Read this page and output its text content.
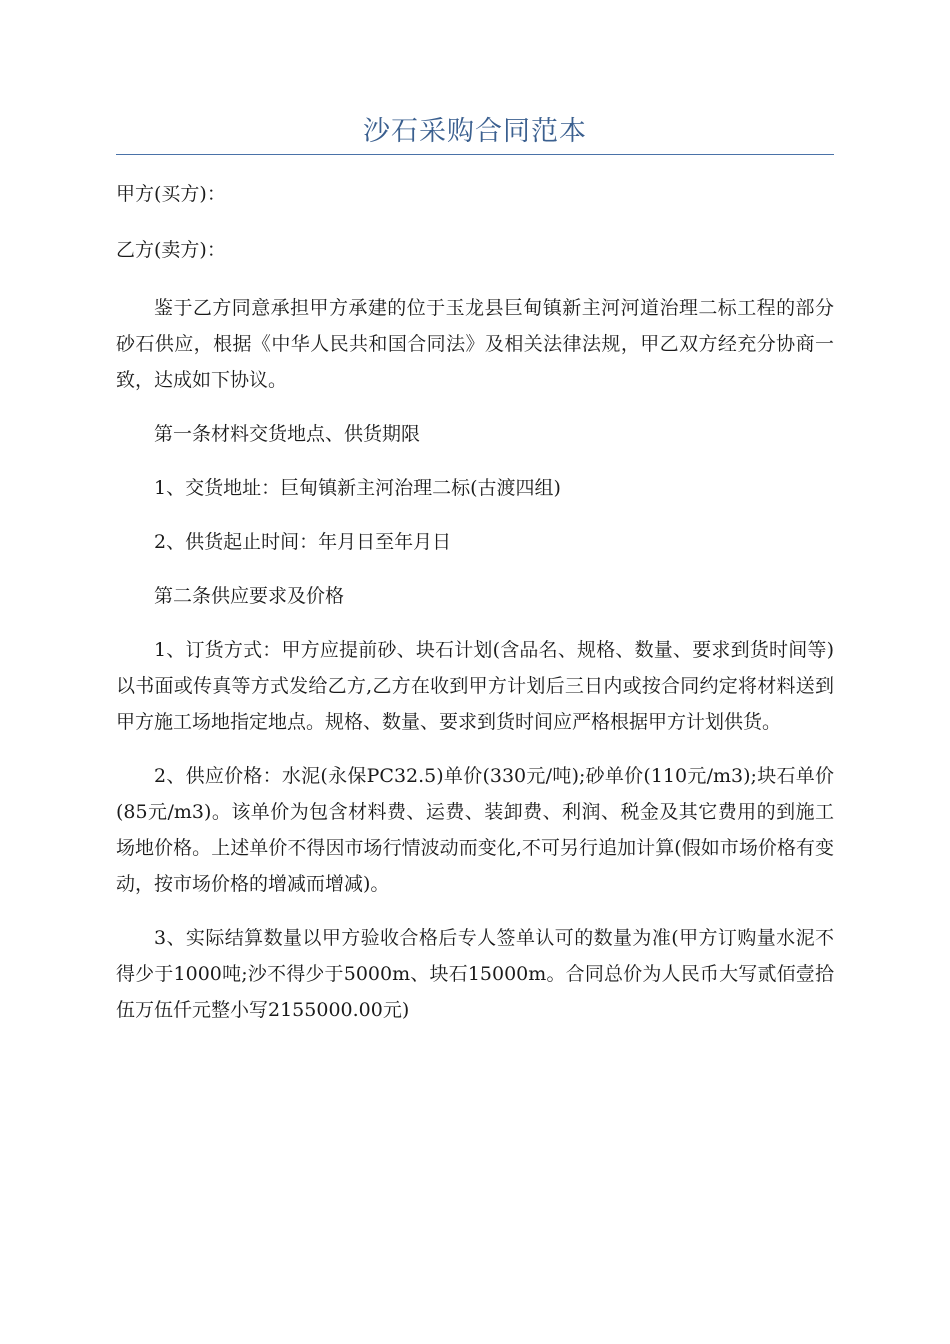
沙石采购合同范本

甲方(买方)：

乙方(卖方)：

鉴于乙方同意承担甲方承建的位于玉龙县巨甸镇新主河河道治理二标工程的部分砂石供应，根据《中华人民共和国合同法》及相关法律法规，甲乙双方经充分协商一致，达成如下协议。

第一条材料交货地点、供货期限

1、交货地址：巨甸镇新主河治理二标(古渡四组)

2、供货起止时间：年月日至年月日

第二条供应要求及价格

1、订货方式：甲方应提前砂、块石计划(含品名、规格、数量、要求到货时间等)以书面或传真等方式发给乙方,乙方在收到甲方计划后三日内或按合同约定将材料送到甲方施工场地指定地点。规格、数量、要求到货时间应严格根据甲方计划供货。

2、供应价格：水泥(永保PC32.5)单价(330元/吨);砂单价(110元/m3);块石单价(85元/m3)。该单价为包含材料费、运费、装卸费、利润、税金及其它费用的到施工场地价格。上述单价不得因市场行情波动而变化,不可另行追加计算(假如市场价格有变动，按市场价格的增减而增减)。

3、实际结算数量以甲方验收合格后专人签单认可的数量为准(甲方订购量水泥不得少于1000吨;沙不得少于5000m、块石15000m。合同总价为人民币大写贰佰壹拾伍万伍仟元整小写2155000.00元)
